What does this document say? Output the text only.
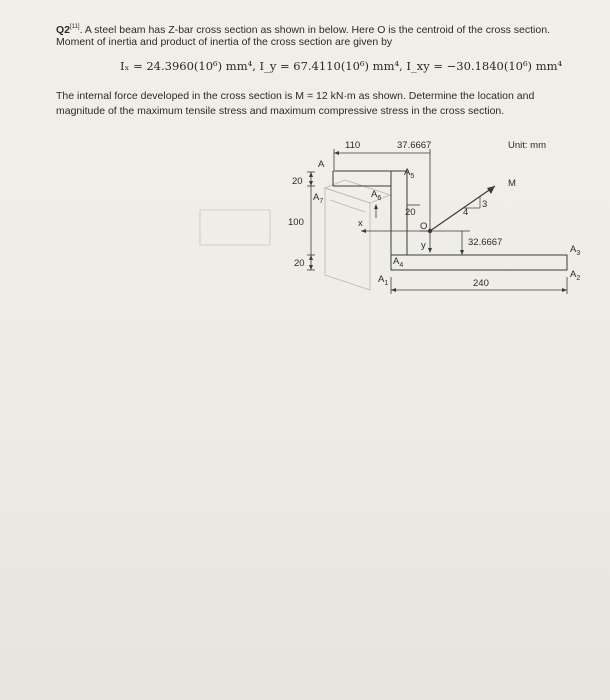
Q2[11]. A steel beam has Z-bar cross section as shown in below. Here O is the centroid of the cross section.
Moment of inertia and product of inertia of the cross section are given by
Iₓ = 24.3960(10⁶) mm⁴, I_y = 67.4110(10⁶) mm⁴, I_xy = −30.1840(10⁶) mm⁴
The internal force developed in the cross section is M = 12 kN·m as shown. Determine the location and
magnitude of the maximum tensile stress and maximum compressive stress in the cross section.
110	37.6667	Unit: mm
20
100
20
20
32.6667
240
O
M
3
4
x
y
A
$A_7$
$A_6$
$A_5$
$A_4$
$A_1$
$A_3$
$A_2$
